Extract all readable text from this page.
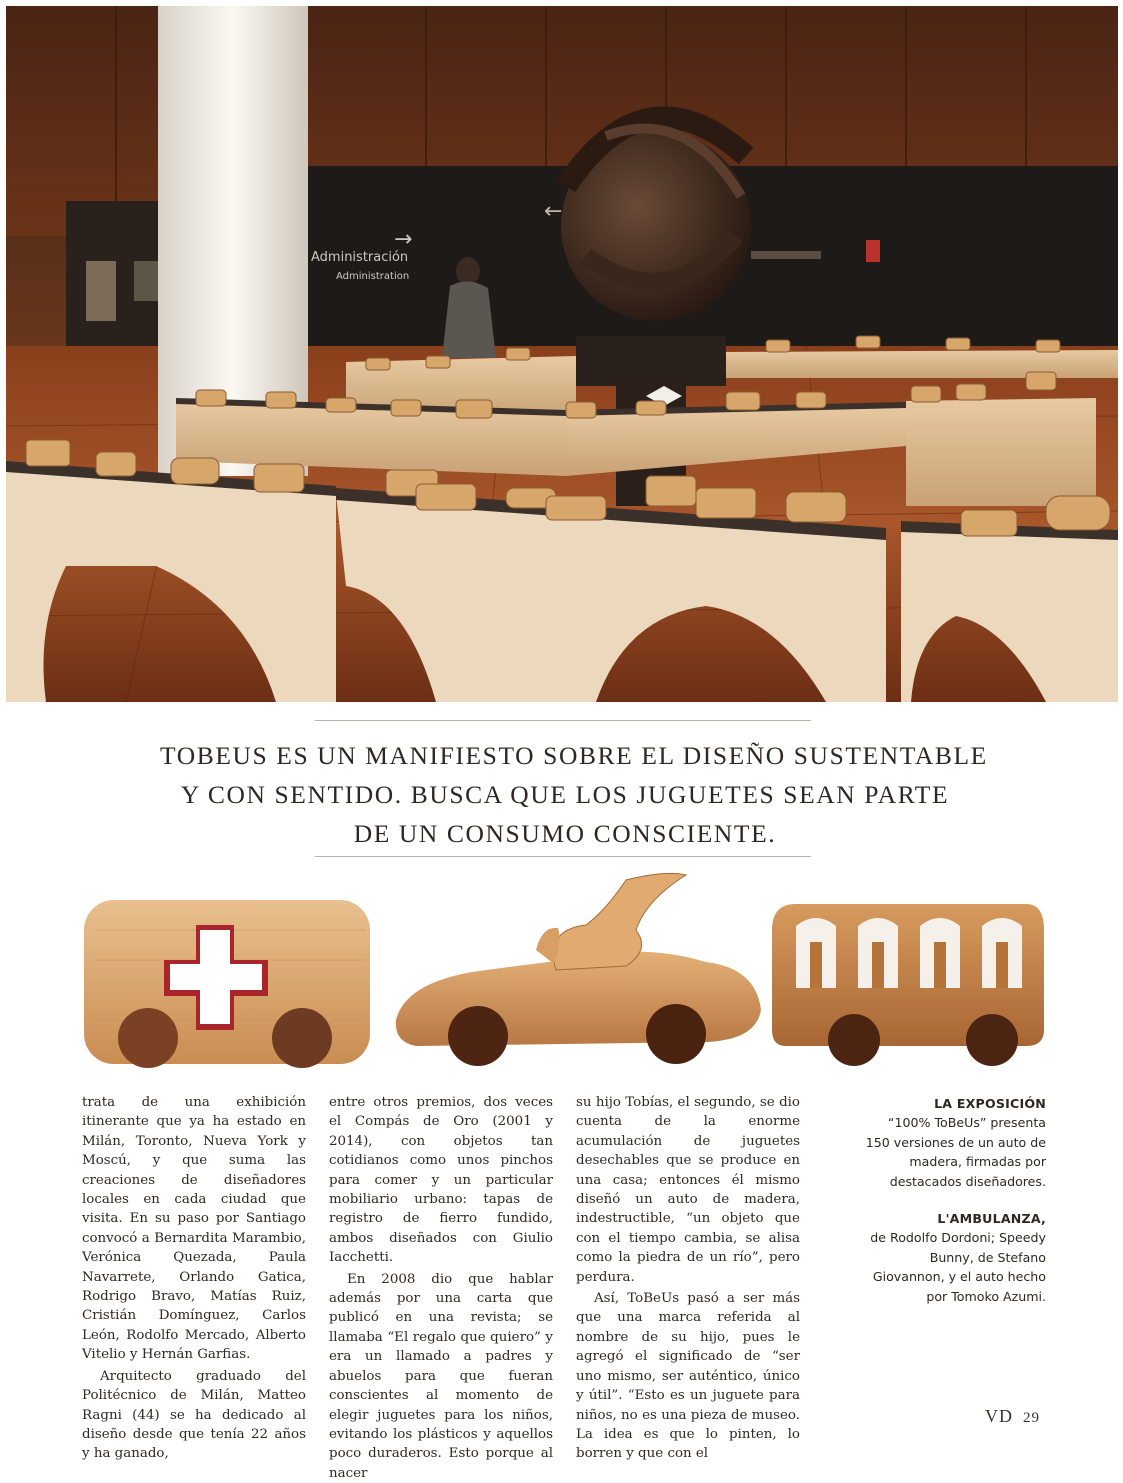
Administración
Administration
→
←
TOBEUS ES UN MANIFIESTO SOBRE EL DISEÑO SUSTENTABLE
Y CON SENTIDO. BUSCA QUE LOS JUGUETES SEAN PARTE
DE UN CONSUMO CONSCIENTE.

trata de una exhibición itinerante que ya ha estado en Milán, Toronto, Nueva York y Moscú, y que suma las creaciones de diseñadores locales en cada ciudad que visita. En su paso por Santiago convocó a Bernardita Marambio, Verónica Quezada, Paula Navarrete, Orlando Gatica, Rodrigo Bravo, Matías Ruiz, Cristián Domínguez, Carlos León, Rodolfo Mercado, Alberto Vitelio y Hernán Garfias.

Arquitecto graduado del Politécnico de Milán, Matteo Ragni (44) se ha dedicado al diseño desde que tenía 22 años y ha ganado,

entre otros premios, dos veces el Compás de Oro (2001 y 2014), con objetos tan cotidianos como unos pinchos para comer y un particular mobiliario urbano: tapas de registro de fierro fundido, ambos diseñados con Giulio Iacchetti.

En 2008 dio que hablar además por una carta que publicó en una revista; se llamaba “El regalo que quiero” y era un llamado a padres y abuelos para que fueran conscientes al momento de elegir juguetes para los niños, evitando los plásticos y aquellos poco duraderos. Esto porque al nacer

su hijo Tobías, el segundo, se dio cuenta de la enorme acumulación de juguetes desechables que se produce en una casa; entonces él mismo diseñó un auto de madera, indestructible, “un objeto que con el tiempo cambia, se alisa como la piedra de un río”, pero perdura.

Así, ToBeUs pasó a ser más que una marca referida al nombre de su hijo, pues le agregó el significado de “ser uno mismo, ser auténtico, único y útil”. “Esto es un juguete para niños, no es una pieza de museo. La idea es que lo pinten, lo borren y que con el

LA EXPOSICIÓN
“100% ToBeUs” presenta 150 versiones de un auto de madera, firmadas por destacados diseñadores.
L'AMBULANZA,
de Rodolfo Dordoni; Speedy Bunny, de Stefano Giovannon, y el auto hecho por Tomoko Azumi.
VD 29
